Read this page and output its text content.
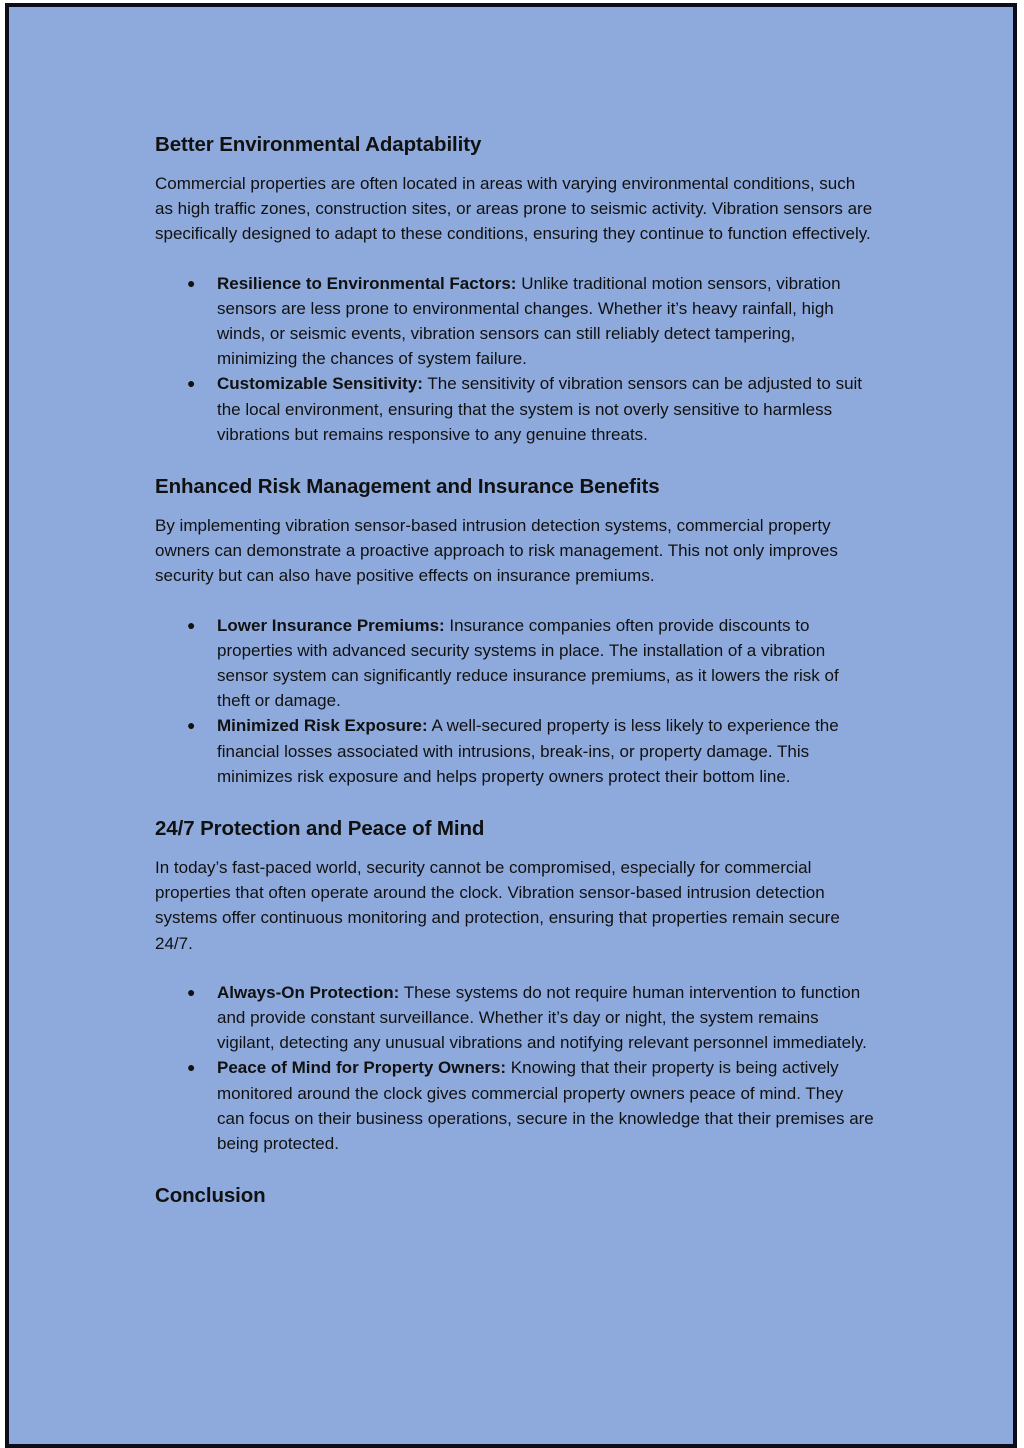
Better Environmental Adaptability

Commercial properties are often located in areas with varying environmental conditions, such as high traffic zones, construction sites, or areas prone to seismic activity. Vibration sensors are specifically designed to adapt to these conditions, ensuring they continue to function effectively.

● Resilience to Environmental Factors: Unlike traditional motion sensors, vibration sensors are less prone to environmental changes. Whether it’s heavy rainfall, high winds, or seismic events, vibration sensors can still reliably detect tampering, minimizing the chances of system failure.
● Customizable Sensitivity: The sensitivity of vibration sensors can be adjusted to suit the local environment, ensuring that the system is not overly sensitive to harmless vibrations but remains responsive to any genuine threats.
Enhanced Risk Management and Insurance Benefits

By implementing vibration sensor-based intrusion detection systems, commercial property owners can demonstrate a proactive approach to risk management. This not only improves security but can also have positive effects on insurance premiums.

● Lower Insurance Premiums: Insurance companies often provide discounts to properties with advanced security systems in place. The installation of a vibration sensor system can significantly reduce insurance premiums, as it lowers the risk of theft or damage.
● Minimized Risk Exposure: A well-secured property is less likely to experience the financial losses associated with intrusions, break-ins, or property damage. This minimizes risk exposure and helps property owners protect their bottom line.
24/7 Protection and Peace of Mind

In today’s fast-paced world, security cannot be compromised, especially for commercial properties that often operate around the clock. Vibration sensor-based intrusion detection systems offer continuous monitoring and protection, ensuring that properties remain secure 24/7.

● Always-On Protection: These systems do not require human intervention to function and provide constant surveillance. Whether it’s day or night, the system remains vigilant, detecting any unusual vibrations and notifying relevant personnel immediately.
● Peace of Mind for Property Owners: Knowing that their property is being actively monitored around the clock gives commercial property owners peace of mind. They can focus on their business operations, secure in the knowledge that their premises are being protected.
Conclusion
